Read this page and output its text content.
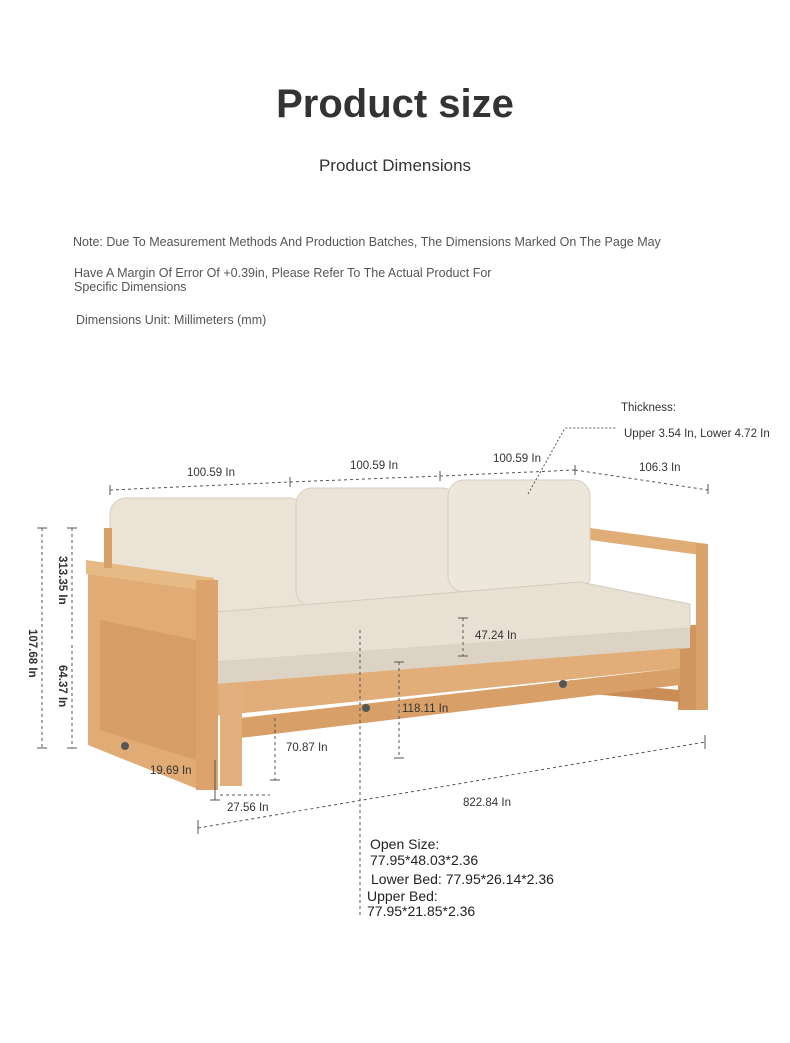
Product size
Product Dimensions
Note: Due To Measurement Methods And Production Batches, The Dimensions Marked On The Page May
Have A Margin Of Error Of +0.39in, Please Refer To The Actual Product For
Specific Dimensions
Dimensions Unit: Millimeters (mm)
Thickness:
Upper 3.54 In, Lower 4.72 In
100.59 In
100.59 In
100.59 In
106.3 In
107.68 In
313.35 In
64.37 In
47.24 In
118.11 In
70.87 In
19.69 In
27.56 In	822.84 In
Open Size:
77.95*48.03*2.36
Lower Bed: 77.95*26.14*2.36
Upper Bed:
77.95*21.85*2.36
